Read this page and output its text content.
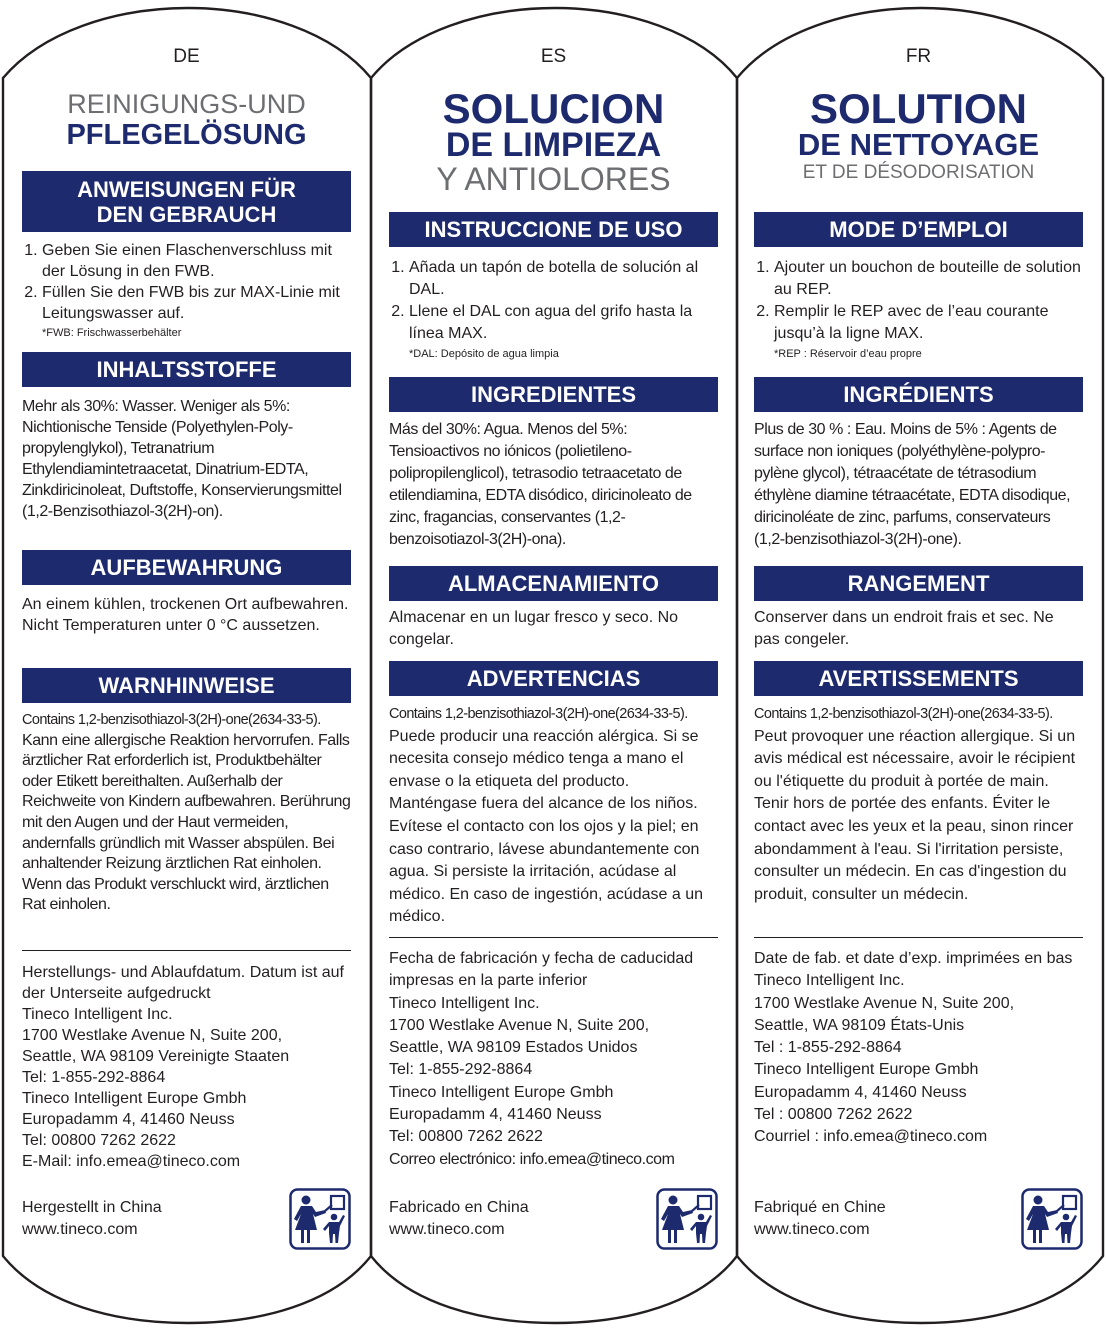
DE
REINIGUNGS-UND
PFLEGELÖSUNG
ANWEISUNGEN FÜR
DEN GEBRAUCH
1. Geben Sie einen Flaschenverschluss mit der Lösung in den FWB.
2. Füllen Sie den FWB bis zur MAX-Linie mit Leitungswasser auf.
*FWB: Frischwasserbehälter
INHALTSSTOFFE
Mehr als 30%: Wasser. Weniger als 5%: Nichtionische Tenside (Polyethylen-Poly-propylenglykol), Tetranatrium Ethylendiamintetraacetat, Dinatrium-EDTA, Zinkdiricinoleat, Duftstoffe, Konservierungsmittel (1,2-Benzisothiazol-3(2H)-on).
AUFBEWAHRUNG
An einem kühlen, trockenen Ort aufbewahren. Nicht Temperaturen unter 0 °C aussetzen.
WARNHINWEISE
Contains 1,2-benzisothiazol-3(2H)-one(2634-33-5).
Kann eine allergische Reaktion hervorrufen. Falls ärztlicher Rat erforderlich ist, Produktbehälter oder Etikett bereithalten. Außerhalb der Reichweite von Kindern aufbewahren. Berührung mit den Augen und der Haut vermeiden, andernfalls gründlich mit Wasser abspülen. Bei anhaltender Reizung ärztlichen Rat einholen. Wenn das Produkt verschluckt wird, ärztlichen Rat einholen.
Herstellungs- und Ablaufdatum. Datum ist auf der Unterseite aufgedruckt
Tineco Intelligent Inc.
1700 Westlake Avenue N, Suite 200,
Seattle, WA 98109 Vereinigte Staaten
Tel: 1-855-292-8864
Tineco Intelligent Europe Gmbh
Europadamm 4, 41460 Neuss
Tel: 00800 7262 2622
E-Mail: info.emea@tineco.com
Hergestellt in China
www.tineco.com
ES
SOLUCION
DE LIMPIEZA
Y ANTIOLORES
INSTRUCCIONE DE USO
1. Añada un tapón de botella de solución al DAL.
2. Llene el DAL con agua del grifo hasta la línea MAX.
*DAL: Depósito de agua limpia
INGREDIENTES
Más del 30%: Agua. Menos del 5%: Tensioactivos no iónicos (polietileno-polipropilenglicol), tetrasodio tetraacetato de etilendiamina, EDTA disódico, diricinoleato de zinc, fragancias, conservantes (1,2-benzoisotiazol-3(2H)-ona).
ALMACENAMIENTO
Almacenar en un lugar fresco y seco. No congelar.
ADVERTENCIAS
Contains 1,2-benzisothiazol-3(2H)-one(2634-33-5).
Puede producir una reacción alérgica. Si se necesita consejo médico tenga a mano el envase o la etiqueta del producto. Manténgase fuera del alcance de los niños. Evítese el contacto con los ojos y la piel; en caso contrario, lávese abundantemente con agua. Si persiste la irritación, acúdase al médico. En caso de ingestión, acúdase a un médico.
Fecha de fabricación y fecha de caducidad impresas en la parte inferior
Tineco Intelligent Inc.
1700 Westlake Avenue N, Suite 200,
Seattle, WA 98109 Estados Unidos
Tel: 1-855-292-8864
Tineco Intelligent Europe Gmbh
Europadamm 4, 41460 Neuss
Tel: 00800 7262 2622
Correo electrónico: info.emea@tineco.com
Fabricado en China
www.tineco.com
FR
SOLUTION
DE NETTOYAGE
ET DE DÉSODORISATION
MODE D’EMPLOI
1. Ajouter un bouchon de bouteille de solution au REP.
2. Remplir le REP avec de l’eau courante jusqu’à la ligne MAX.
*REP : Réservoir d’eau propre
INGRÉDIENTS
Plus de 30 % : Eau. Moins de 5% : Agents de surface non ioniques (polyéthylène-polypro-pylène glycol), tétraacétate de tétrasodium éthylène diamine tétraacétate, EDTA disodique, diricinoléate de zinc, parfums, conservateurs (1,2-benzisothiazol-3(2H)-one).
RANGEMENT
Conserver dans un endroit frais et sec. Ne pas congeler.
AVERTISSEMENTS
Contains 1,2-benzisothiazol-3(2H)-one(2634-33-5).
Peut provoquer une réaction allergique. Si un avis médical est nécessaire, avoir le récipient ou l'étiquette du produit à portée de main. Tenir hors de portée des enfants. Éviter le contact avec les yeux et la peau, sinon rincer abondamment à l'eau. Si l'irritation persiste, consulter un médecin. En cas d'ingestion du produit, consulter un médecin.
Date de fab. et date d’exp. imprimées en bas
Tineco Intelligent Inc.
1700 Westlake Avenue N, Suite 200,
Seattle, WA 98109 États-Unis
Tel : 1-855-292-8864
Tineco Intelligent Europe Gmbh
Europadamm 4, 41460 Neuss
Tel : 00800 7262 2622
Courriel : info.emea@tineco.com
Fabriqué en Chine
www.tineco.com
